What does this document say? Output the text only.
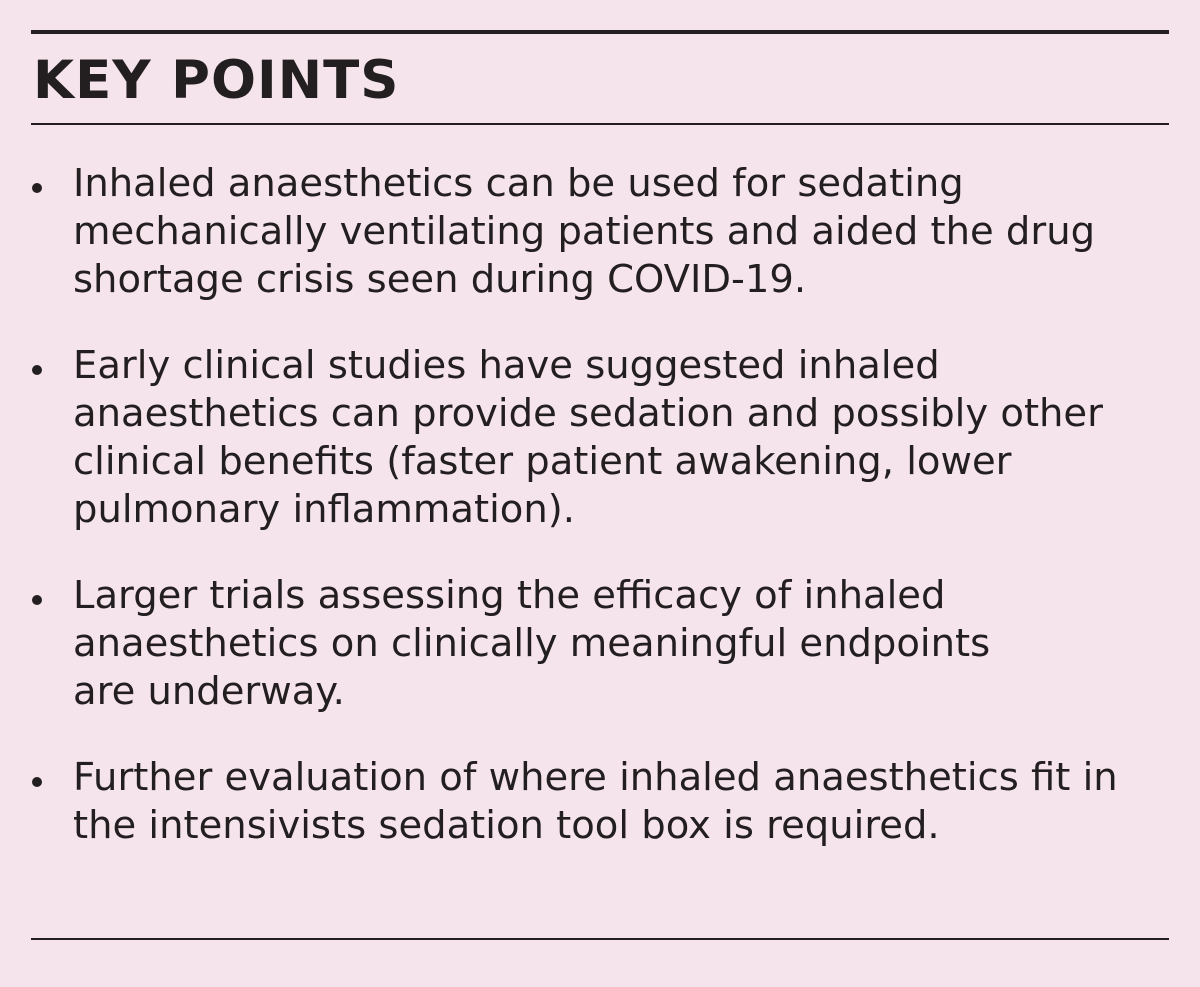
KEY POINTS
Inhaled anaesthetics can be used for sedating
mechanically ventilating patients and aided the drug
shortage crisis seen during COVID-19.
Early clinical studies have suggested inhaled
anaesthetics can provide sedation and possibly other
clinical benefits (faster patient awakening, lower
pulmonary inflammation).
Larger trials assessing the efficacy of inhaled
anaesthetics on clinically meaningful endpoints
are underway.
Further evaluation of where inhaled anaesthetics fit in
the intensivists sedation tool box is required.
